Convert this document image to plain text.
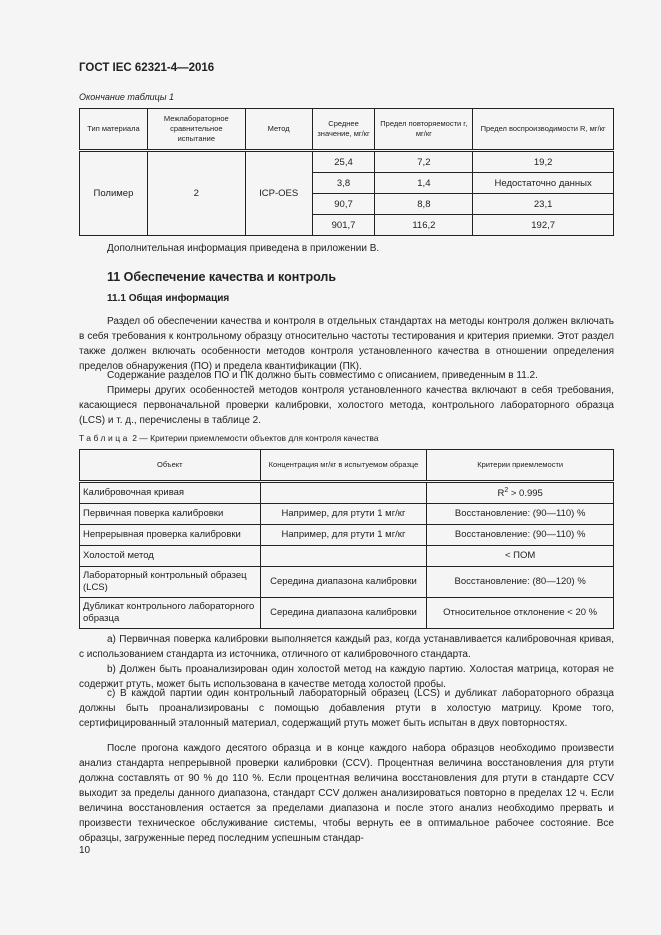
ГОСТ IEC 62321-4—2016
Окончание таблицы 1
Тип материала	Межлабораторное сравнительное испытание	Метод	Среднее значение, мг/кг	Предел повторяемости r, мг/кг	Предел воспроизводимости R, мг/кг
Полимер	2	ICP-OES	25,4	7,2	19,2
			3,8	1,4	Недостаточно данных
			90,7	8,8	23,1
			901,7	116,2	192,7
Дополнительная информация приведена в приложении В.
11 Обеспечение качества и контроль
11.1 Общая информация
Раздел об обеспечении качества и контроля в отдельных стандартах на методы контроля должен включать в себя требования к контрольному образцу относительно частоты тестирования и критерия приемки. Этот раздел также должен включать особенности методов контроля установленного качества в отношении определения пределов обнаружения (ПО) и предела квантификации (ПК).
Содержание разделов ПО и ПК должно быть совместимо с описанием, приведенным в 11.2.
Примеры других особенностей методов контроля установленного качества включают в себя требования, касающиеся первоначальной проверки калибровки, холостого метода, контрольного лабораторного образца (LCS) и т. д., перечислены в таблице 2.
Таблица 2 — Критерии приемлемости объектов для контроля качества
Объект	Концентрация мг/кг в испытуемом образце	Критерии приемлемости
Калибровочная кривая		$R^2 > 0.995$
Первичная поверка калибровки	Например, для ртути 1 мг/кг	Восстановление: (90—110) %
Непрерывная проверка калибровки	Например, для ртути 1 мг/кг	Восстановление: (90—110) %
Холостой метод		< ПОМ
Лабораторный контрольный образец (LCS)	Середина диапазона калибровки	Восстановление: (80—120) %
Дубликат контрольного лабораторного образца	Середина диапазона калибровки	Относительное отклонение < 20 %
a) Первичная поверка калибровки выполняется каждый раз, когда устанавливается калибровочная кривая, с использованием стандарта из источника, отличного от калибровочного стандарта.
b) Должен быть проанализирован один холостой метод на каждую партию. Холостая матрица, которая не содержит ртуть, может быть использована в качестве метода холостой пробы.
c) В каждой партии один контрольный лабораторный образец (LCS) и дубликат лабораторного образца должны быть проанализированы с помощью добавления ртути в холостую матрицу. Кроме того, сертифицированный эталонный материал, содержащий ртуть может быть испытан в двух повторностях.
После прогона каждого десятого образца и в конце каждого набора образцов необходимо произвести анализ стандарта непрерывной проверки калибровки (CCV). Процентная величина восстановления для ртути должна составлять от 90 % до 110 %. Если процентная величина восстановления для ртути в стандарте CCV выходит за пределы данного диапазона, стандарт CCV должен анализироваться повторно в пределах 12 ч. Если величина восстановления остается за пределами диапазона и после этого анализ необходимо прервать и произвести техническое обслуживание системы, чтобы вернуть ее в оптимальное рабочее состояние. Все образцы, загруженные перед последним успешным стандар-
10
